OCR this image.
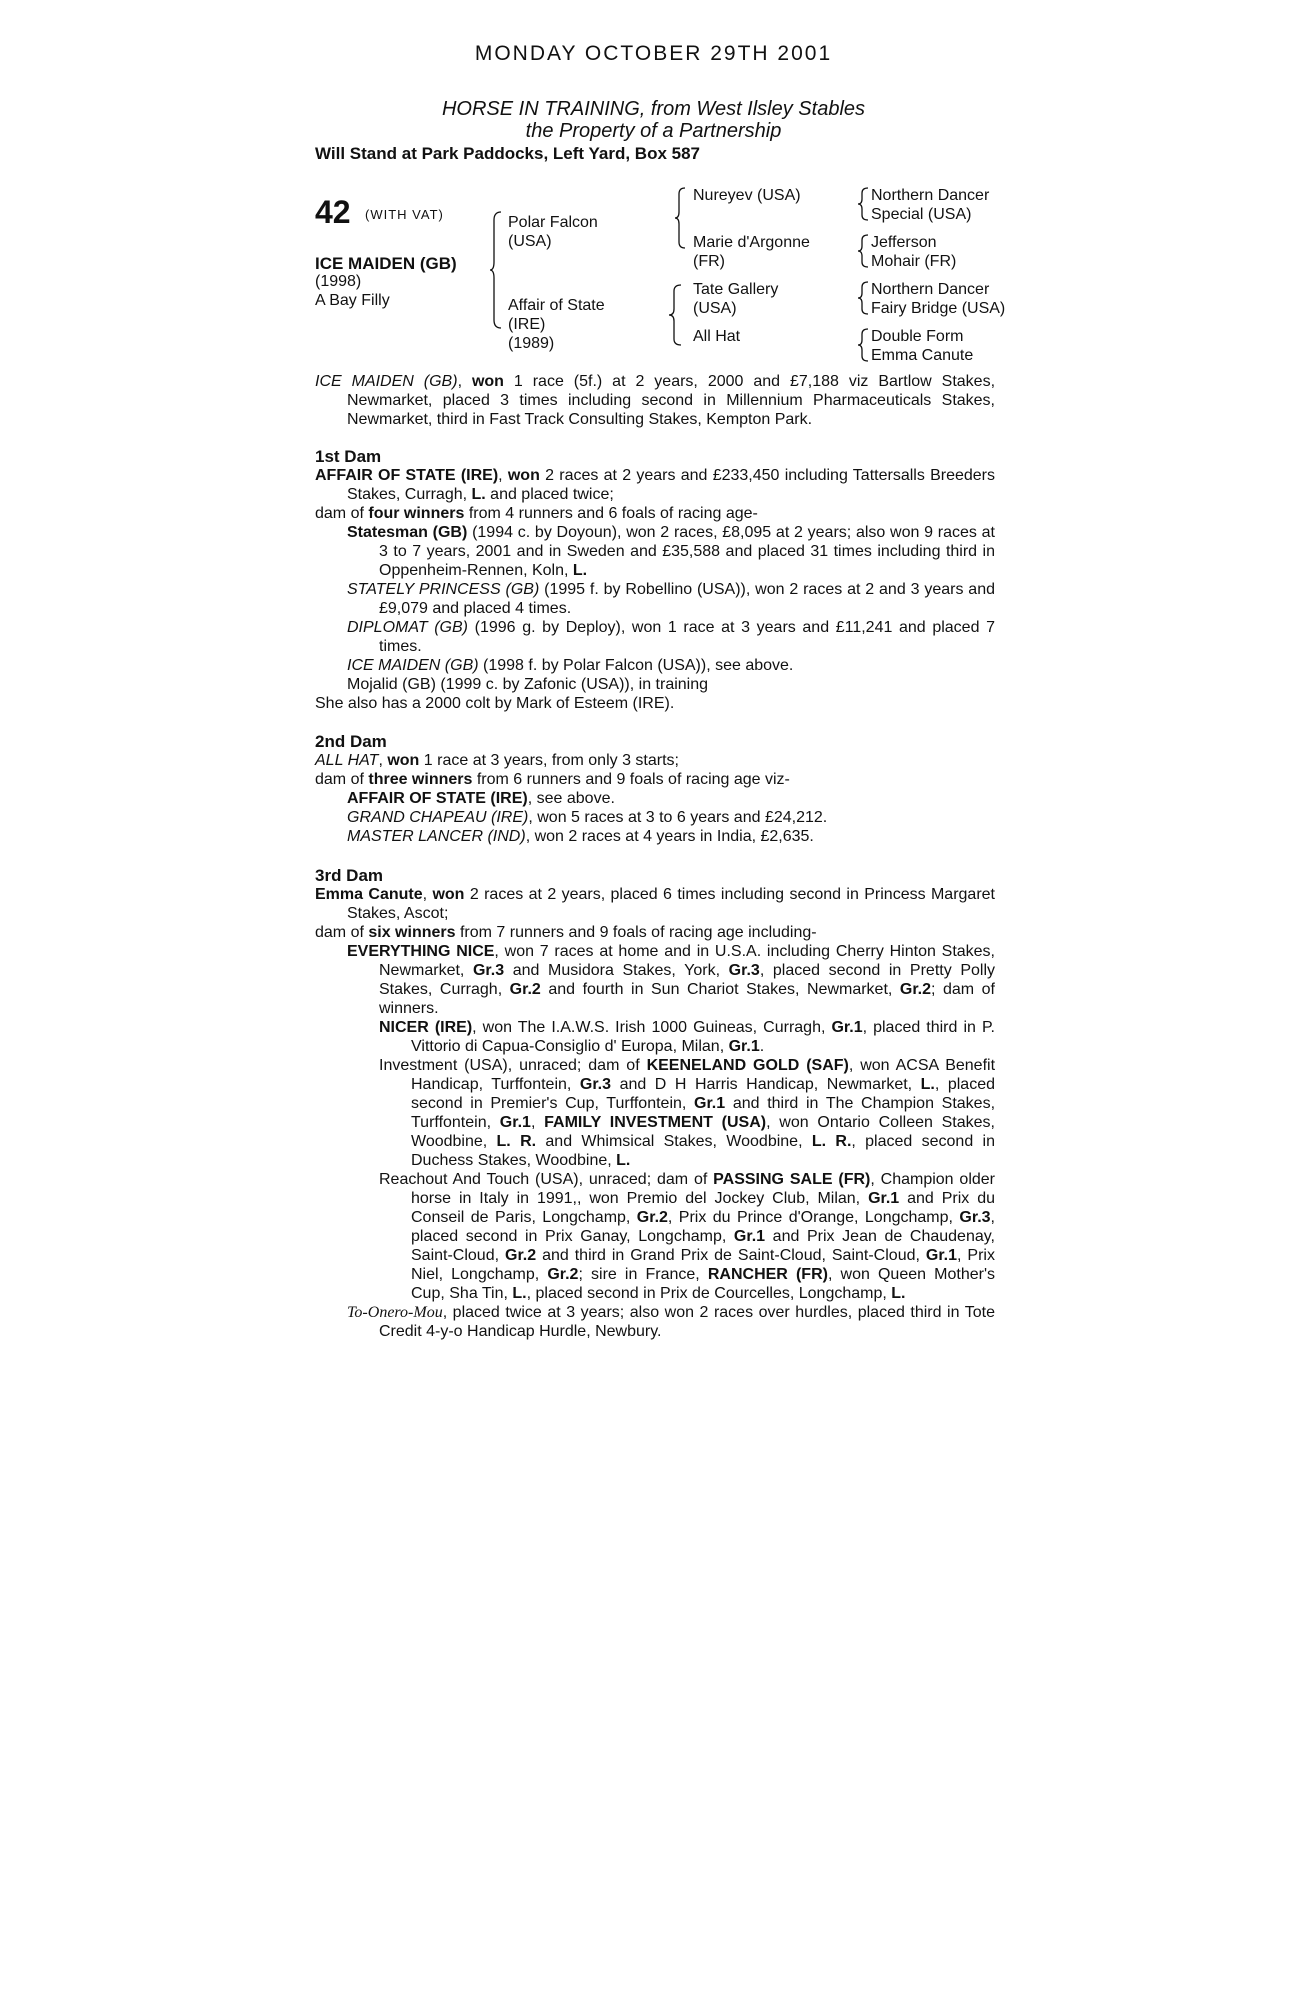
MONDAY OCTOBER 29TH 2001
HORSE IN TRAINING, from West Ilsley Stables
the Property of a Partnership
Will Stand at Park Paddocks, Left Yard, Box 587
42 (WITH VAT)
ICE MAIDEN (GB)
(1998)
A Bay Filly
Polar Falcon
(USA)
Affair of State
(IRE)
(1989)
Nureyev (USA)
Marie d'Argonne
(FR)
Tate Gallery
(USA)
All Hat
Northern Dancer
Special (USA)
Jefferson
Mohair (FR)
Northern Dancer
Fairy Bridge (USA)
Double Form
Emma Canute

ICE MAIDEN (GB), won 1 race (5f.) at 2 years, 2000 and £7,188 viz Bartlow Stakes, Newmarket, placed 3 times including second in Millennium Pharmaceuticals Stakes, Newmarket, third in Fast Track Consulting Stakes, Kempton Park.

1st Dam

AFFAIR OF STATE (IRE), won 2 races at 2 years and £233,450 including Tattersalls Breeders Stakes, Curragh, L. and placed twice;

dam of four winners from 4 runners and 6 foals of racing age-

Statesman (GB) (1994 c. by Doyoun), won 2 races, £8,095 at 2 years; also won 9 races at 3 to 7 years, 2001 and in Sweden and £35,588 and placed 31 times including third in Oppenheim-Rennen, Koln, L.

STATELY PRINCESS (GB) (1995 f. by Robellino (USA)), won 2 races at 2 and 3 years and £9,079 and placed 4 times.

DIPLOMAT (GB) (1996 g. by Deploy), won 1 race at 3 years and £11,241 and placed 7 times.

ICE MAIDEN (GB) (1998 f. by Polar Falcon (USA)), see above.

Mojalid (GB) (1999 c. by Zafonic (USA)), in training

She also has a 2000 colt by Mark of Esteem (IRE).

2nd Dam

ALL HAT, won 1 race at 3 years, from only 3 starts;

dam of three winners from 6 runners and 9 foals of racing age viz-

AFFAIR OF STATE (IRE), see above.

GRAND CHAPEAU (IRE), won 5 races at 3 to 6 years and £24,212.

MASTER LANCER (IND), won 2 races at 4 years in India, £2,635.

3rd Dam

Emma Canute, won 2 races at 2 years, placed 6 times including second in Princess Margaret Stakes, Ascot;

dam of six winners from 7 runners and 9 foals of racing age including-

EVERYTHING NICE, won 7 races at home and in U.S.A. including Cherry Hinton Stakes, Newmarket, Gr.3 and Musidora Stakes, York, Gr.3, placed second in Pretty Polly Stakes, Curragh, Gr.2 and fourth in Sun Chariot Stakes, Newmarket, Gr.2; dam of winners.

NICER (IRE), won The I.A.W.S. Irish 1000 Guineas, Curragh, Gr.1, placed third in P. Vittorio di Capua-Consiglio d' Europa, Milan, Gr.1.

Investment (USA), unraced; dam of KEENELAND GOLD (SAF), won ACSA Benefit Handicap, Turffontein, Gr.3 and D H Harris Handicap, Newmarket, L., placed second in Premier's Cup, Turffontein, Gr.1 and third in The Champion Stakes, Turffontein, Gr.1, FAMILY INVESTMENT (USA), won Ontario Colleen Stakes, Woodbine, L. R. and Whimsical Stakes, Woodbine, L. R., placed second in Duchess Stakes, Woodbine, L.

Reachout And Touch (USA), unraced; dam of PASSING SALE (FR), Champion older horse in Italy in 1991,, won Premio del Jockey Club, Milan, Gr.1 and Prix du Conseil de Paris, Longchamp, Gr.2, Prix du Prince d'Orange, Longchamp, Gr.3, placed second in Prix Ganay, Longchamp, Gr.1 and Prix Jean de Chaudenay, Saint-Cloud, Gr.2 and third in Grand Prix de Saint-Cloud, Saint-Cloud, Gr.1, Prix Niel, Longchamp, Gr.2; sire in France, RANCHER (FR), won Queen Mother's Cup, Sha Tin, L., placed second in Prix de Courcelles, Longchamp, L.

To-Onero-Mou, placed twice at 3 years; also won 2 races over hurdles, placed third in Tote Credit 4-y-o Handicap Hurdle, Newbury.
